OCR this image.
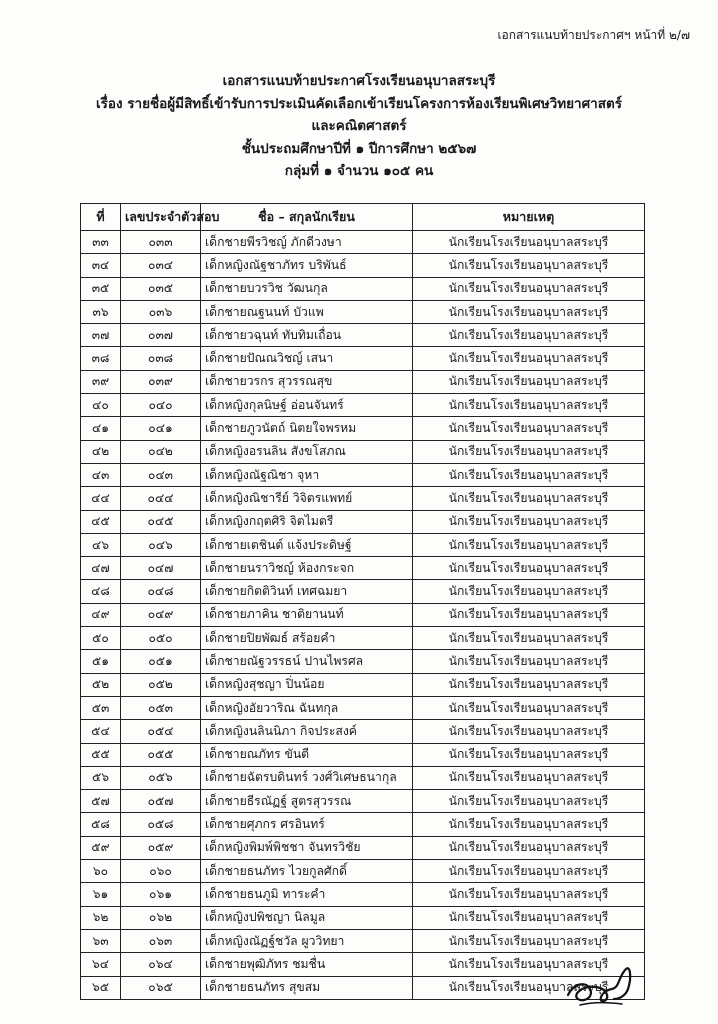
เอกสารแนบท้ายประกาศฯ หน้าที่ ๒/๗
เอกสารแนบท้ายประกาศโรงเรียนอนุบาลสระบุรี
เรื่อง รายชื่อผู้มีสิทธิ์เข้ารับการประเมินคัดเลือกเข้าเรียนโครงการห้องเรียนพิเศษวิทยาศาสตร์
และคณิตศาสตร์
ชั้นประถมศึกษาปีที่ ๑ ปีการศึกษา ๒๕๖๗
กลุ่มที่ ๑ จำนวน ๑๐๕ คน
ที่	เลขประจำตัวสอบ	ชื่อ – สกุลนักเรียน	หมายเหตุ
๓๓	๐๓๓	เด็กชายพีรวิชญ์ ภักดีวงษา	นักเรียนโรงเรียนอนุบาลสระบุรี
๓๔	๐๓๔	เด็กหญิงณัฐชาภัทร บริพันธ์	นักเรียนโรงเรียนอนุบาลสระบุรี
๓๕	๐๓๕	เด็กชายบวรวิช วัฒนกุล	นักเรียนโรงเรียนอนุบาลสระบุรี
๓๖	๐๓๖	เด็กชายณฐนนท์ บัวแพ	นักเรียนโรงเรียนอนุบาลสระบุรี
๓๗	๐๓๗	เด็กชายวฉุนท์ ทับทิมเถื่อน	นักเรียนโรงเรียนอนุบาลสระบุรี
๓๘	๐๓๘	เด็กชายปัณณวิชญ์ เสนา	นักเรียนโรงเรียนอนุบาลสระบุรี
๓๙	๐๓๙	เด็กชายวรกร สุวรรณสุข	นักเรียนโรงเรียนอนุบาลสระบุรี
๔๐	๐๔๐	เด็กหญิงกุลนิษฐ์ อ่อนจันทร์	นักเรียนโรงเรียนอนุบาลสระบุรี
๔๑	๐๔๑	เด็กชายภูวนัตถ์ นิตยใจพรหม	นักเรียนโรงเรียนอนุบาลสระบุรี
๔๒	๐๔๒	เด็กหญิงอรนลิน สังขโสภณ	นักเรียนโรงเรียนอนุบาลสระบุรี
๔๓	๐๔๓	เด็กหญิงณัฐณิชา จุหา	นักเรียนโรงเรียนอนุบาลสระบุรี
๔๔	๐๔๔	เด็กหญิงณิชารีย์ วิจิตรแพทย์	นักเรียนโรงเรียนอนุบาลสระบุรี
๔๕	๐๔๕	เด็กหญิงกฤตศิริ จิตไมตรี	นักเรียนโรงเรียนอนุบาลสระบุรี
๔๖	๐๔๖	เด็กชายเตชินต์ แจ้งประดิษฐ์	นักเรียนโรงเรียนอนุบาลสระบุรี
๔๗	๐๔๗	เด็กชายนราวิชญ์ ห้องกระจก	นักเรียนโรงเรียนอนุบาลสระบุรี
๔๘	๐๔๘	เด็กชายกิตติวินท์ เทศฉมยา	นักเรียนโรงเรียนอนุบาลสระบุรี
๔๙	๐๔๙	เด็กชายภาคิน ชาติยานนท์	นักเรียนโรงเรียนอนุบาลสระบุรี
๕๐	๐๕๐	เด็กชายปิยพัฒธ์ สร้อยคำ	นักเรียนโรงเรียนอนุบาลสระบุรี
๕๑	๐๕๑	เด็กชายณัฐวรรธน์ ปานไพรศล	นักเรียนโรงเรียนอนุบาลสระบุรี
๕๒	๐๕๒	เด็กหญิงสุชญา ปิ่นน้อย	นักเรียนโรงเรียนอนุบาลสระบุรี
๕๓	๐๕๓	เด็กหญิงอัยวาริณ ฉันทกุล	นักเรียนโรงเรียนอนุบาลสระบุรี
๕๔	๐๕๔	เด็กหญิงนลินนิภา กิจประสงค์	นักเรียนโรงเรียนอนุบาลสระบุรี
๕๕	๐๕๕	เด็กชายณภัทร ขันตี	นักเรียนโรงเรียนอนุบาลสระบุรี
๕๖	๐๕๖	เด็กชายฉัตรบดินทร์ วงศ์วิเศษธนากุล	นักเรียนโรงเรียนอนุบาลสระบุรี
๕๗	๐๕๗	เด็กชายธีรณัฏฐ์ สูตรสุวรรณ	นักเรียนโรงเรียนอนุบาลสระบุรี
๕๘	๐๕๘	เด็กชายศุภกร ศรอินทร์	นักเรียนโรงเรียนอนุบาลสระบุรี
๕๙	๐๕๙	เด็กหญิงพิมพ์พิชชา จันทรวิชัย	นักเรียนโรงเรียนอนุบาลสระบุรี
๖๐	๐๖๐	เด็กชายธนภัทร ไวยกูลศักดิ์	นักเรียนโรงเรียนอนุบาลสระบุรี
๖๑	๐๖๑	เด็กชายธนภูมิ ทาระคำ	นักเรียนโรงเรียนอนุบาลสระบุรี
๖๒	๐๖๒	เด็กหญิงปพิชญา นิลมูล	นักเรียนโรงเรียนอนุบาลสระบุรี
๖๓	๐๖๓	เด็กหญิงณัฏฐ์ชวัล ผูววิทยา	นักเรียนโรงเรียนอนุบาลสระบุรี
๖๔	๐๖๔	เด็กชายพุฒิภัทร ชมชื่น	นักเรียนโรงเรียนอนุบาลสระบุรี
๖๕	๐๖๕	เด็กชายธนภัทร สุขสม	นักเรียนโรงเรียนอนุบาลสระบุรี
